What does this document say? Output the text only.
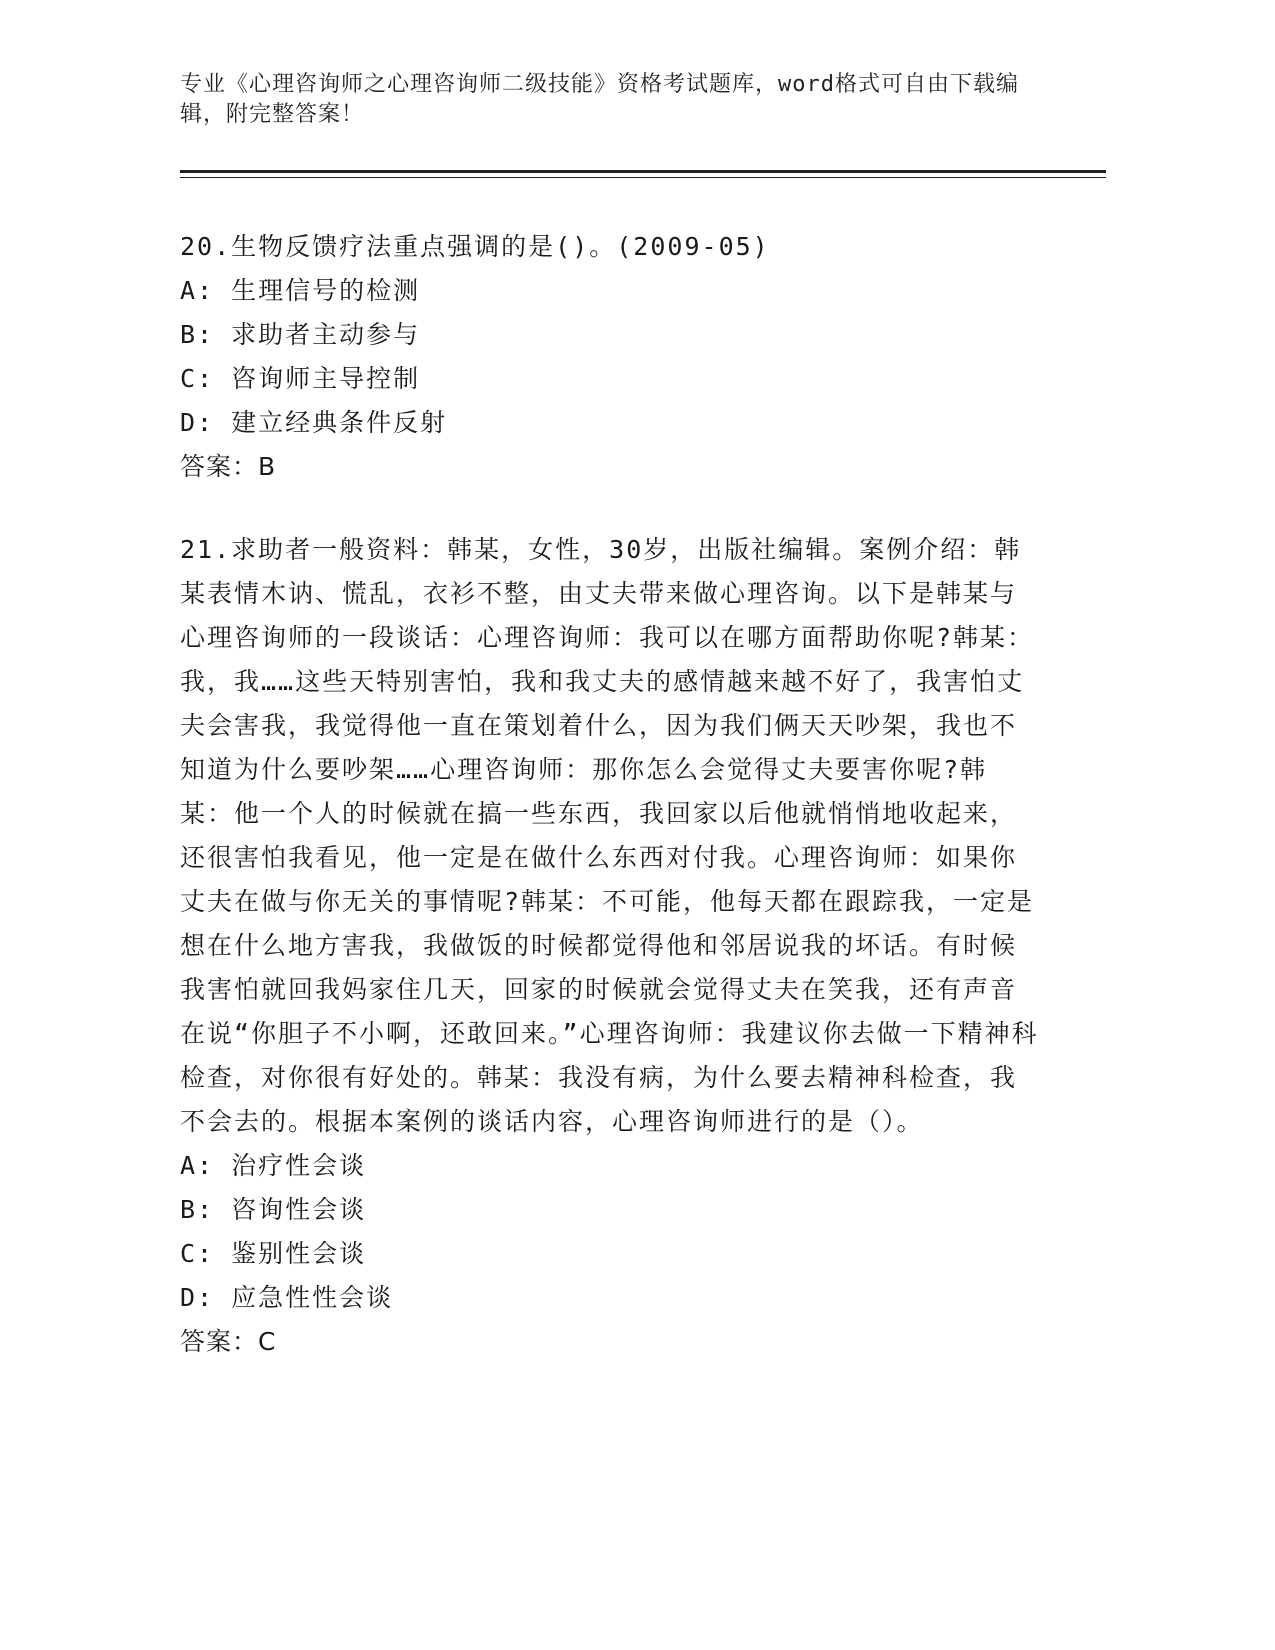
专业《心理咨询师之心理咨询师二级技能》资格考试题库，word格式可自由下载编辑，附完整答案！
20.生物反馈疗法重点强调的是()。(2009-05)
A: 生理信号的检测
B: 求助者主动参与
C: 咨询师主导控制
D: 建立经典条件反射
答案：B
21.求助者一般资料：韩某，女性，30岁，出版社编辑。案例介绍：韩某表情木讷、慌乱，衣衫不整，由丈夫带来做心理咨询。以下是韩某与心理咨询师的一段谈话：心理咨询师：我可以在哪方面帮助你呢?韩某：我，我……这些天特别害怕，我和我丈夫的感情越来越不好了，我害怕丈夫会害我，我觉得他一直在策划着什么，因为我们俩天天吵架，我也不知道为什么要吵架……心理咨询师：那你怎么会觉得丈夫要害你呢?韩某：他一个人的时候就在搞一些东西，我回家以后他就悄悄地收起来，还很害怕我看见，他一定是在做什么东西对付我。心理咨询师：如果你丈夫在做与你无关的事情呢?韩某：不可能，他每天都在跟踪我，一定是想在什么地方害我，我做饭的时候都觉得他和邻居说我的坏话。有时候我害怕就回我妈家住几天，回家的时候就会觉得丈夫在笑我，还有声音在说“你胆子不小啊，还敢回来。”心理咨询师：我建议你去做一下精神科检查，对你很有好处的。韩某：我没有病，为什么要去精神科检查，我不会去的。根据本案例的谈话内容，心理咨询师进行的是（）。
A: 治疗性会谈
B: 咨询性会谈
C: 鉴别性会谈
D: 应急性性会谈
答案：C
